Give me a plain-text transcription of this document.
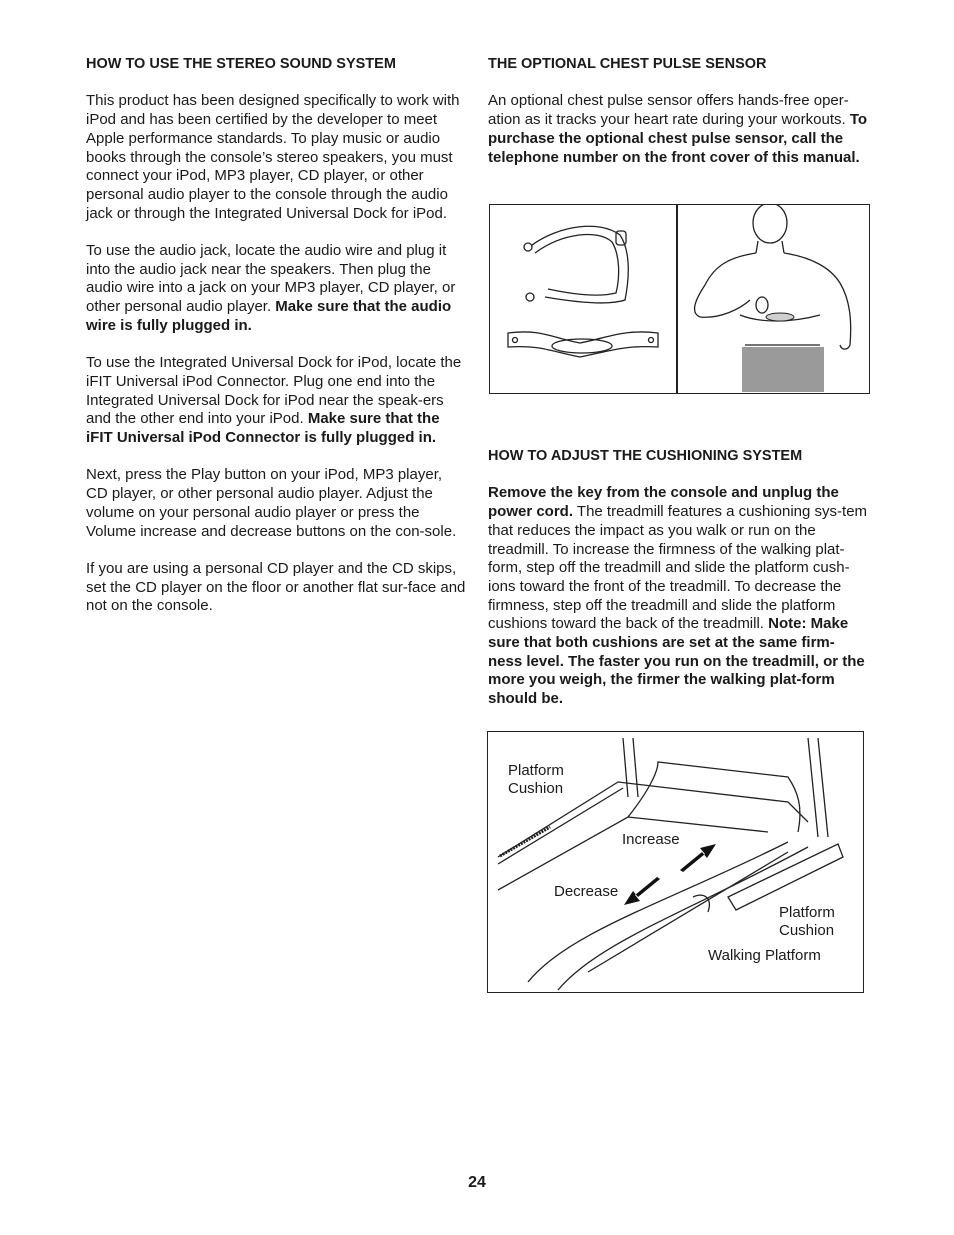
HOW TO USE THE STEREO SOUND SYSTEM

This product has been designed specifically to work with iPod and has been certified by the developer to meet Apple performance standards. To play music or audio books through the console’s stereo speakers, you must connect your iPod, MP3 player, CD player, or other personal audio player to the console through the audio jack or through the Integrated Universal Dock for iPod.

To use the audio jack, locate the audio wire and plug it into the audio jack near the speakers. Then plug the audio wire into a jack on your MP3 player, CD player, or other personal audio player. Make sure that the audio wire is fully plugged in.

To use the Integrated Universal Dock for iPod, locate the iFIT Universal iPod Connector. Plug one end into the Integrated Universal Dock for iPod near the speak-ers and the other end into your iPod. Make sure that the iFIT Universal iPod Connector is fully plugged in.

Next, press the Play button on your iPod, MP3 player, CD player, or other personal audio player. Adjust the volume on your personal audio player or press the Volume increase and decrease buttons on the con-sole.

If you are using a personal CD player and the CD skips, set the CD player on the floor or another flat sur-face and not on the console.

THE OPTIONAL CHEST PULSE SENSOR

An optional chest pulse sensor offers hands-free oper-ation as it tracks your heart rate during your workouts. To purchase the optional chest pulse sensor, call the telephone number on the front cover of this manual.

HOW TO ADJUST THE CUSHIONING SYSTEM

Remove the key from the console and unplug the power cord. The treadmill features a cushioning sys-tem that reduces the impact as you walk or run on the treadmill. To increase the firmness of the walking plat-form, step off the treadmill and slide the platform cush-ions toward the front of the treadmill. To decrease the firmness, step off the treadmill and slide the platform cushions toward the back of the treadmill. Note: Make sure that both cushions are set at the same firm-ness level. The faster you run on the treadmill, or the more you weigh, the firmer the walking plat-form should be.

Platform
Cushion
Increase
Decrease
Platform
Cushion
Walking Platform
24
